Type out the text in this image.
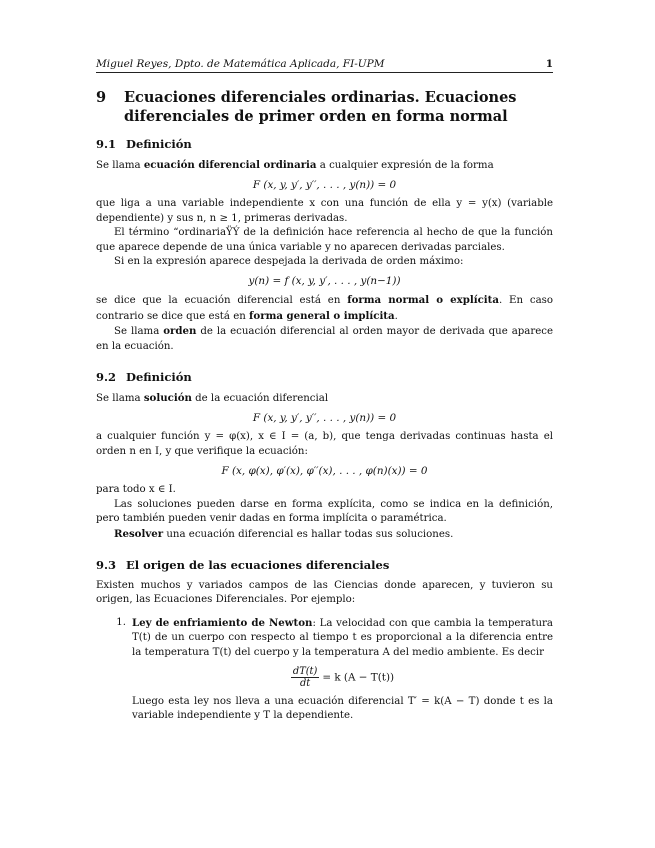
Miguel Reyes, Dpto. de Matemática Aplicada, FI-UPM	1
9	Ecuaciones diferenciales ordinarias. Ecuaciones diferenciales de primer orden en forma normal
9.1 Definición

Se llama ecuación diferencial ordinaria a cualquier expresión de la forma

F (x, y, y′, y′′, . . . , y(n)) = 0

que liga a una variable independiente x con una función de ella y = y(x) (variable dependiente) y sus n, n ≥ 1, primeras derivadas.

El término “ordinariaŸÝ de la definición hace referencia al hecho de que la función que aparece depende de una única variable y no aparecen derivadas parciales.

Si en la expresión aparece despejada la derivada de orden máximo:

y(n) = f (x, y, y′, . . . , y(n−1))

se dice que la ecuación diferencial está en forma normal o explícita. En caso contrario se dice que está en forma general o implícita.

Se llama orden de la ecuación diferencial al orden mayor de derivada que aparece en la ecuación.

9.2 Definición

Se llama solución de la ecuación diferencial

F (x, y, y′, y′′, . . . , y(n)) = 0

a cualquier función y = φ(x), x ∈ I = (a, b), que tenga derivadas continuas hasta el orden n en I, y que verifique la ecuación:

F (x, φ(x), φ′(x), φ′′(x), . . . , φ(n)(x)) = 0

para todo x ∈ I.

Las soluciones pueden darse en forma explícita, como se indica en la definición, pero también pueden venir dadas en forma implícita o paramétrica.

Resolver una ecuación diferencial es hallar todas sus soluciones.

9.3 El origen de las ecuaciones diferenciales

Existen muchos y variados campos de las Ciencias donde aparecen, y tuvieron su origen, las Ecuaciones Diferenciales. Por ejemplo:

1. Ley de enfriamiento de Newton: La velocidad con que cambia la temperatura T(t) de un cuerpo con respecto al tiempo t es proporcional a la diferencia entre la temperatura T(t) del cuerpo y la temperatura A del medio ambiente. Es decir

$\frac{dT(t)}{dt} = k$ (A − T(t))

Luego esta ley nos lleva a una ecuación diferencial T′ = k(A − T) donde t es la variable independiente y T la dependiente.
